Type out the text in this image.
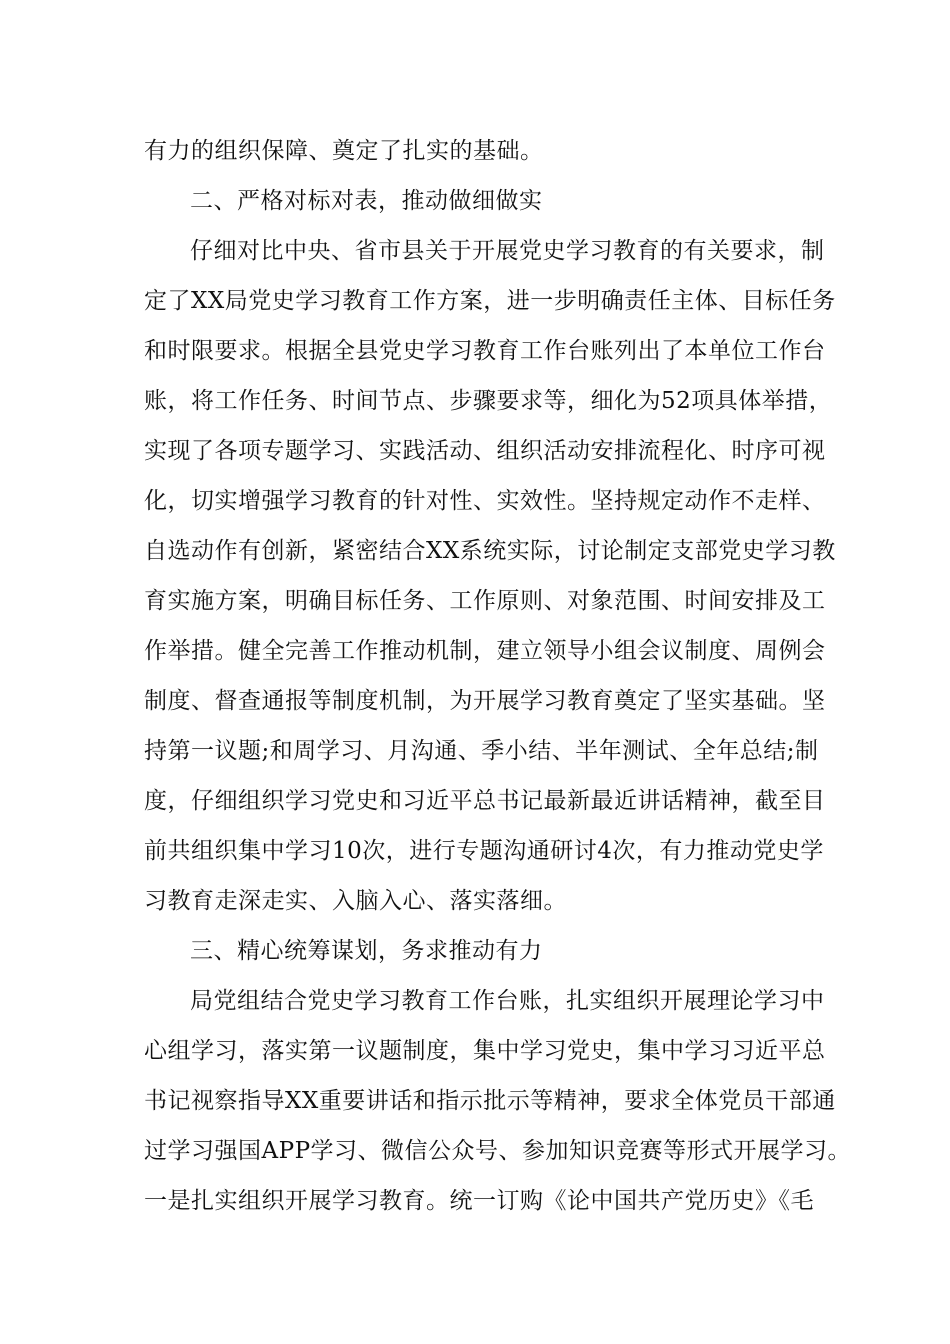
有力的组织保障、奠定了扎实的基础。
二、严格对标对表，推动做细做实
仔细对比中央、省市县关于开展党史学习教育的有关要求，制
定了XX局党史学习教育工作方案，进一步明确责任主体、目标任务
和时限要求。根据全县党史学习教育工作台账列出了本单位工作台
账，将工作任务、时间节点、步骤要求等，细化为52项具体举措，
实现了各项专题学习、实践活动、组织活动安排流程化、时序可视
化，切实增强学习教育的针对性、实效性。坚持规定动作不走样、
自选动作有创新，紧密结合XX系统实际，讨论制定支部党史学习教
育实施方案，明确目标任务、工作原则、对象范围、时间安排及工
作举措。健全完善工作推动机制，建立领导小组会议制度、周例会
制度、督查通报等制度机制，为开展学习教育奠定了坚实基础。坚
持第一议题;和周学习、月沟通、季小结、半年测试、全年总结;制
度，仔细组织学习党史和习近平总书记最新最近讲话精神，截至目
前共组织集中学习10次，进行专题沟通研讨4次，有力推动党史学
习教育走深走实、入脑入心、落实落细。
三、精心统筹谋划，务求推动有力
局党组结合党史学习教育工作台账，扎实组织开展理论学习中
心组学习，落实第一议题制度，集中学习党史，集中学习习近平总
书记视察指导XX重要讲话和指示批示等精神，要求全体党员干部通
过学习强国APP学习、微信公众号、参加知识竞赛等形式开展学习。
一是扎实组织开展学习教育。统一订购《论中国共产党历史》《毛
